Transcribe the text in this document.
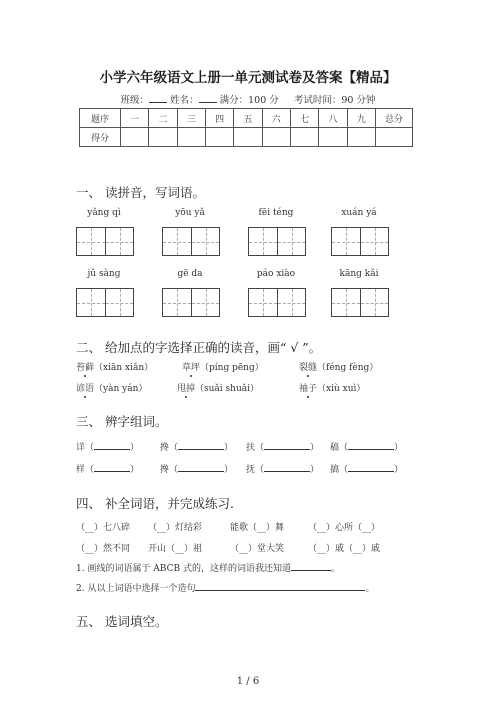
小学六年级语文上册一单元测试卷及答案【精品】
班级： 姓名： 满分：100 分 考试时间：90 分钟
题序	一	二	三	四	五	六	七	八	九	总分
得分										
一、 读拼音，写词语。
yǎng qì	yōu yǎ	fēi téng	xuán yá
jǔ sàng	gē da	páo xiào	kāng kǎi
二、 给加点的字选择正确的读音，画“ √ ”。
苔藓（xiān xiǎn）	草坪（píng pēng）	裂缝（féng fèng）
谚语（yàn yán）	甩掉（suǎi shuǎi）	袖子（xiù xuì）
三、 辨字组词。
详（	） 搀（	） 扶（	） 稿（	）
样（	） 搀（	） 抚（	） 搞（	）
四、 补全词语，并完成练习.
（__）七八碎 （__）灯结彩	能歌（__）舞	（__）心所（__）
（__）然不同 开山（__）祖	（__）堂大笑	（__）戚（__）戚
1. 画线的词语属于 ABCB 式的，这样的词语我还知道	。
2. 从以上词语中选择一个造句	。
五、 选词填空。
1 / 6
